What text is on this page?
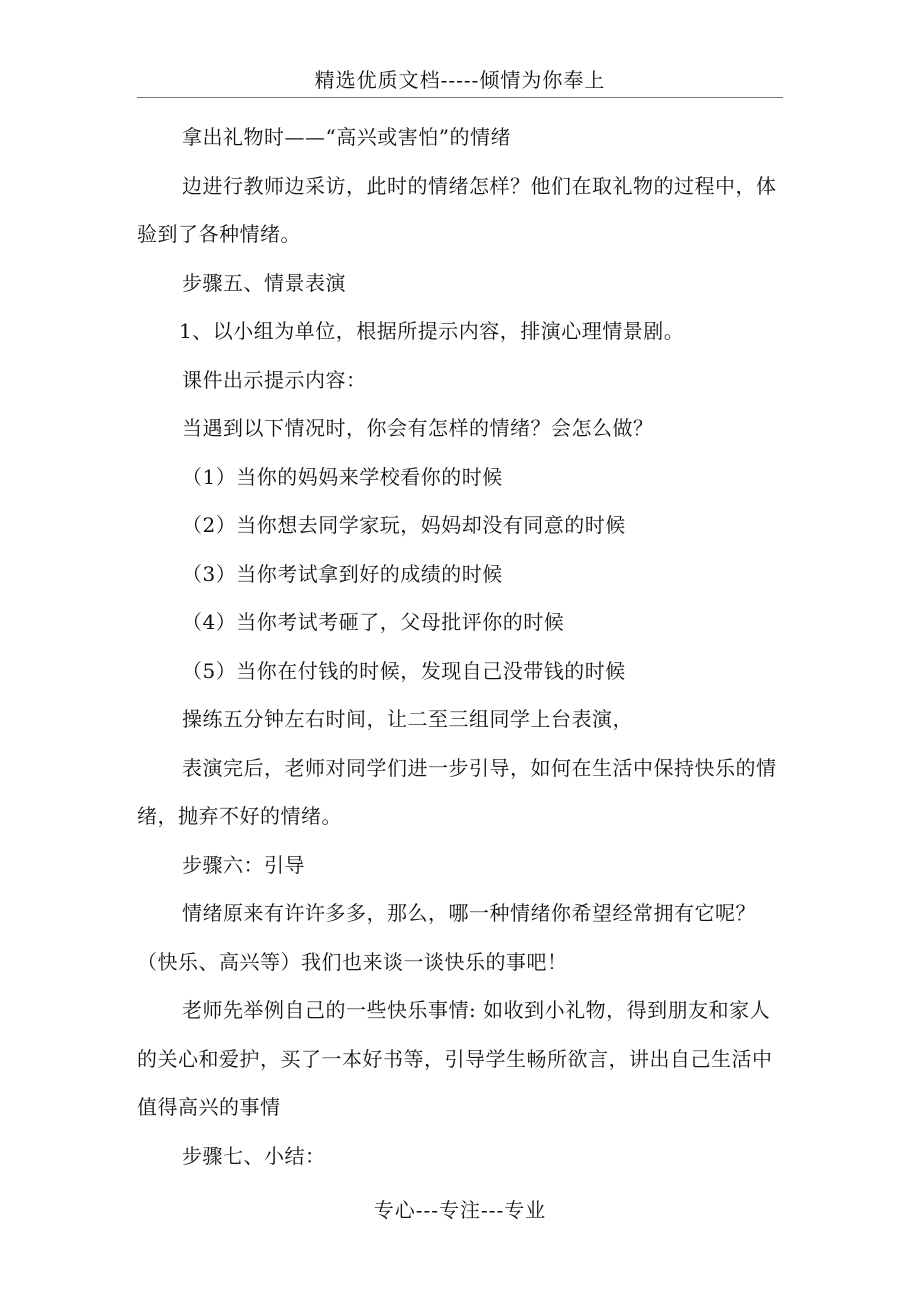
精选优质文档-----倾情为你奉上

拿出礼物时——“高兴或害怕”的情绪

边进行教师边采访，此时的情绪怎样？他们在取礼物的过程中，体验到了各种情绪。

步骤五、情景表演

1、以小组为单位，根据所提示内容，排演心理情景剧。

课件出示提示内容：

当遇到以下情况时，你会有怎样的情绪？会怎么做？

（1）当你的妈妈来学校看你的时候

（2）当你想去同学家玩，妈妈却没有同意的时候

（3）当你考试拿到好的成绩的时候

（4）当你考试考砸了，父母批评你的时候

（5）当你在付钱的时候，发现自己没带钱的时候

操练五分钟左右时间，让二至三组同学上台表演，

表演完后，老师对同学们进一步引导，如何在生活中保持快乐的情绪，抛弃不好的情绪。

步骤六：引导

情绪原来有许许多多，那么，哪一种情绪你希望经常拥有它呢？（快乐、高兴等）我们也来谈一谈快乐的事吧！

老师先举例自己的一些快乐事情: 如收到小礼物，得到朋友和家人的关心和爱护，买了一本好书等，引导学生畅所欲言，讲出自己生活中值得高兴的事情

步骤七、小结：

专心---专注---专业
